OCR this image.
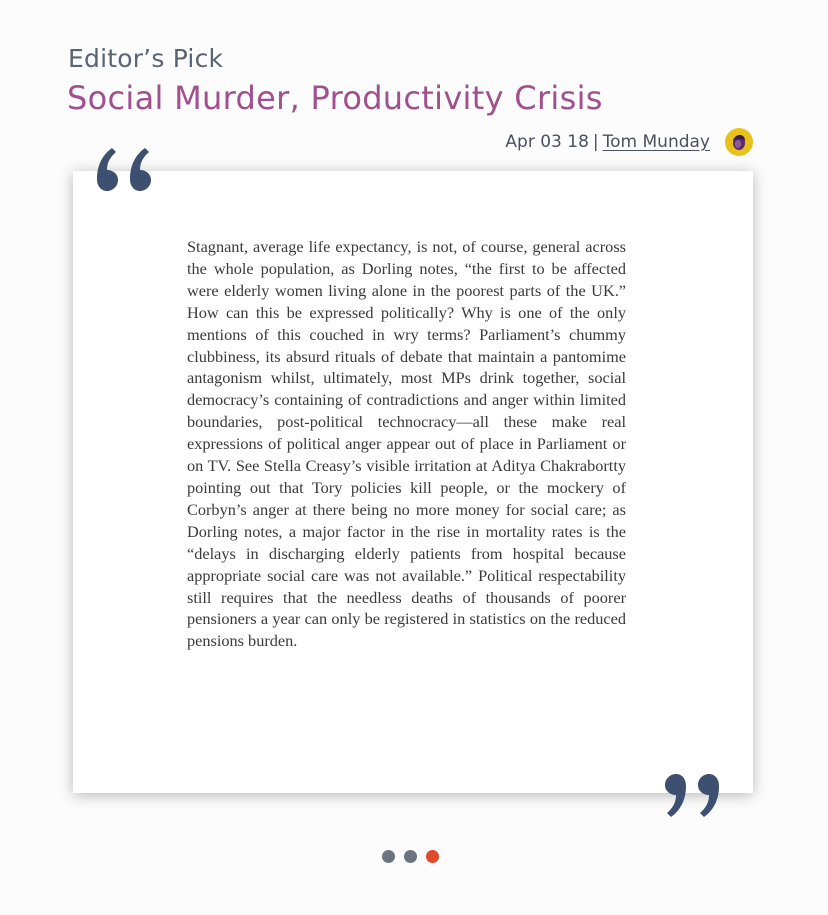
Editor’s Pick
Social Murder, Productivity Crisis
Apr 03 18 | Tom Munday

Stagnant, average life expectancy, is not, of course, general across the whole population, as Dorling notes, “the first to be affected were elderly women living alone in the poorest parts of the UK.” How can this be expressed politically? Why is one of the only mentions of this couched in wry terms? Parliament’s chummy clubbiness, its absurd rituals of debate that maintain a pantomime antagonism whilst, ultimately, most MPs drink together, social democracy’s containing of contradictions and anger within limited boundaries, post-political technocracy—all these make real expressions of political anger appear out of place in Parliament or on TV. See Stella Creasy’s visible irritation at Aditya Chakrabortty pointing out that Tory policies kill people, or the mockery of Corbyn’s anger at there being no more money for social care; as Dorling notes, a major factor in the rise in mortality rates is the “delays in discharging elderly patients from hospital because appropriate social care was not available.” Political respectability still requires that the needless deaths of thousands of poorer pensioners a year can only be registered in statistics on the reduced pensions burden.
